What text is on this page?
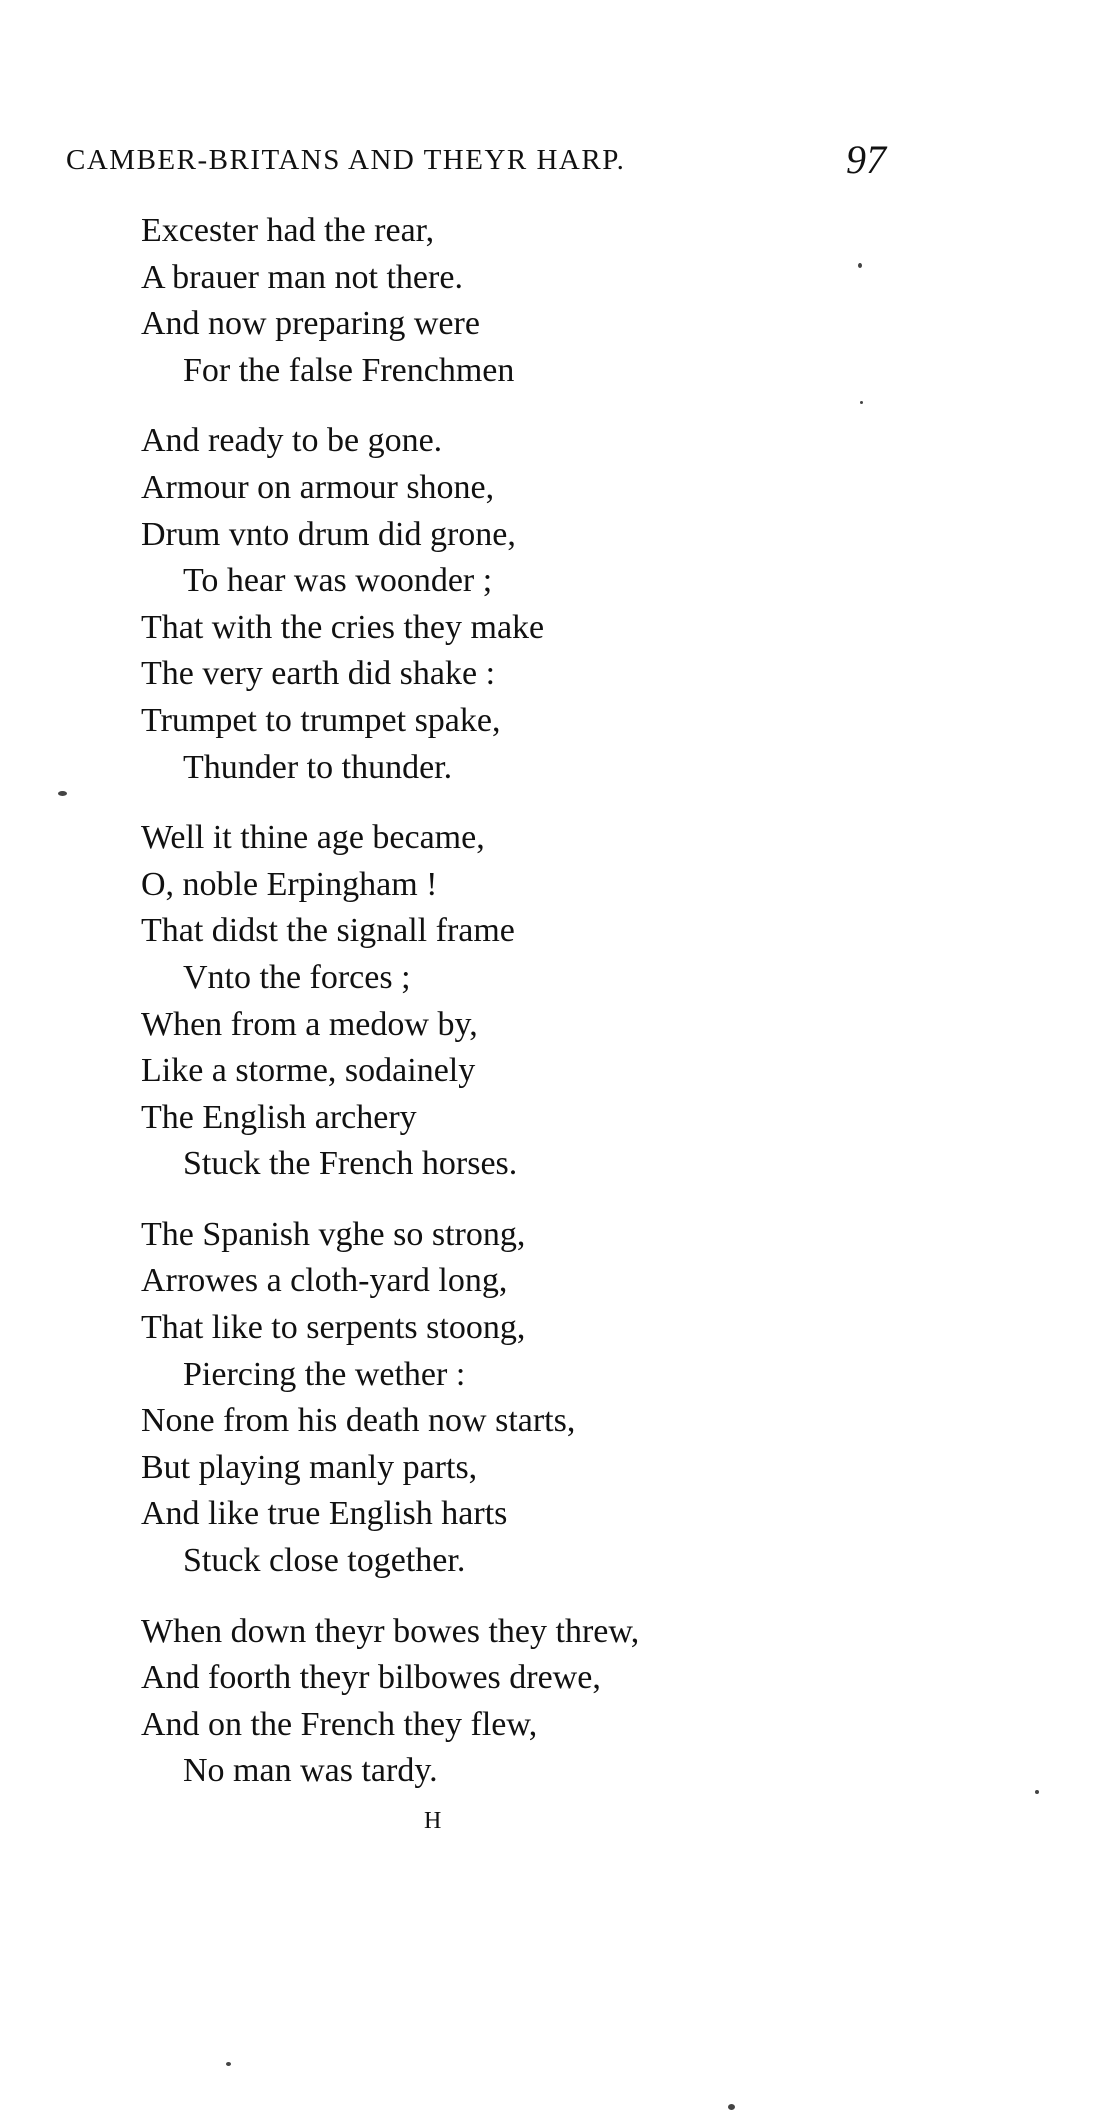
CAMBER-BRITANS AND THEYR HARP.	97
Excester had the rear,
A brauer man not there.
And now preparing were
For the false Frenchmen
And ready to be gone.
Armour on armour shone,
Drum vnto drum did grone,
To hear was woonder ;
That with the cries they make
The very earth did shake :
Trumpet to trumpet spake,
Thunder to thunder.
Well it thine age became,
O, noble Erpingham !
That didst the signall frame
Vnto the forces ;
When from a medow by,
Like a storme, sodainely
The English archery
Stuck the French horses.
The Spanish vghe so strong,
Arrowes a cloth-yard long,
That like to serpents stoong,
Piercing the wether :
None from his death now starts,
But playing manly parts,
And like true English harts
Stuck close together.
When down theyr bowes they threw,
And foorth theyr bilbowes drewe,
And on the French they flew,
No man was tardy.
H
